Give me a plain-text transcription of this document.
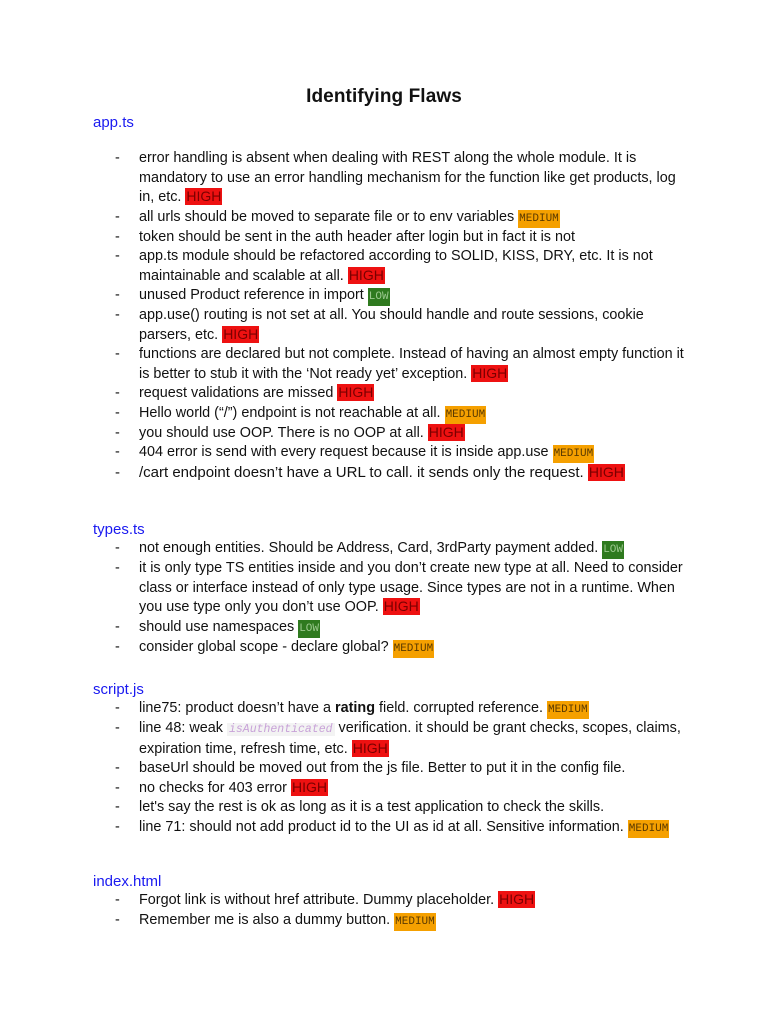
Identifying Flaws

app.ts

- error handling is absent when dealing with REST along the whole module. It is mandatory to use an error handling mechanism for the function like get products, log in, etc. HIGH
- all urls should be moved to separate file or to env variables MEDIUM
- token should be sent in the auth header after login but in fact it is not
- app.ts module should be refactored according to SOLID, KISS, DRY, etc. It is not maintainable and scalable at all. HIGH
- unused Product reference in import LOW
- app.use() routing is not set at all. You should handle and route sessions, cookie parsers, etc. HIGH
- functions are declared but not complete. Instead of having an almost empty function it is better to stub it with the ‘Not ready yet’ exception. HIGH
- request validations are missed HIGH
- Hello world (“/”) endpoint is not reachable at all. MEDIUM
- you should use OOP. There is no OOP at all. HIGH
- 404 error is send with every request because it is inside app.use MEDIUM
- /cart endpoint doesn’t have a URL to call. it sends only the request. HIGH

types.ts

- not enough entities. Should be Address, Card, 3rdParty payment added. LOW
- it is only type TS entities inside and you don’t create new type at all. Need to consider class or interface instead of only type usage. Since types are not in a runtime. When you use type only you don’t use OOP. HIGH
- should use namespaces LOW
- consider global scope - declare global? MEDIUM

script.js

- line75: product doesn’t have a rating field. corrupted reference. MEDIUM
- line 48: weak isAuthenticated verification. it should be grant checks, scopes, claims, expiration time, refresh time, etc. HIGH
- baseUrl should be moved out from the js file. Better to put it in the config file.
- no checks for 403 error HIGH
- let's say the rest is ok as long as it is a test application to check the skills.
- line 71: should not add product id to the UI as id at all. Sensitive information. MEDIUM

index.html

- Forgot link is without href attribute. Dummy placeholder. HIGH
- Remember me is also a dummy button. MEDIUM
